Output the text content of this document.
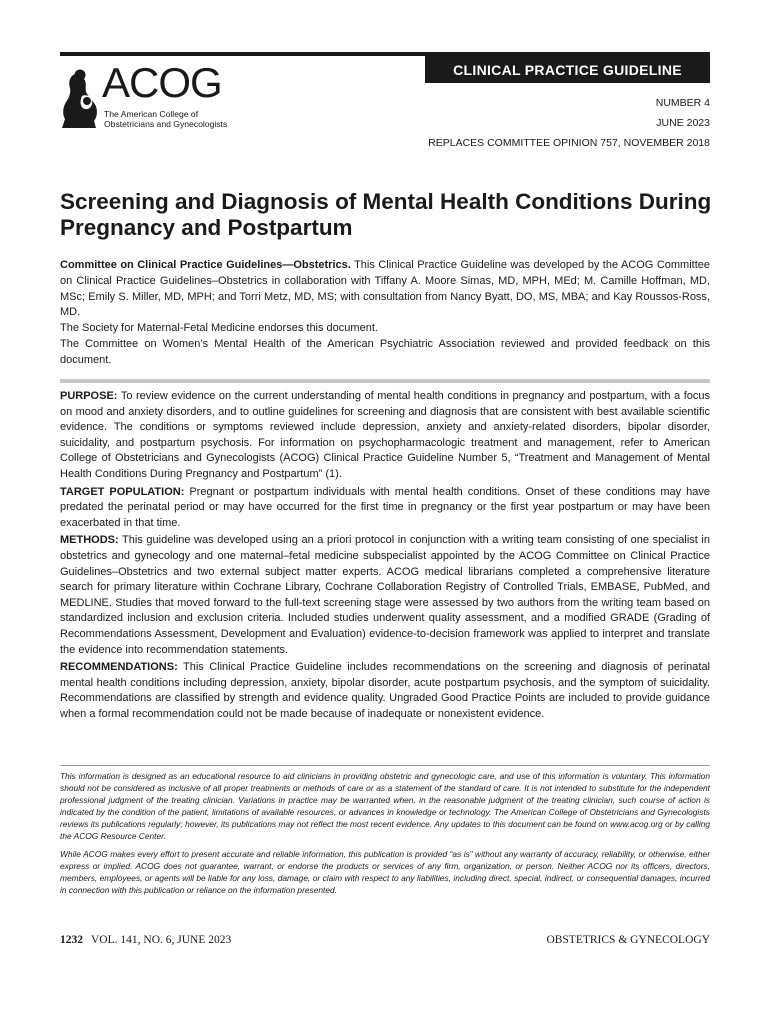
CLINICAL PRACTICE GUIDELINE
ACOG
The American College of
Obstetricians and Gynecologists
NUMBER 4
JUNE 2023
REPLACES COMMITTEE OPINION 757, NOVEMBER 2018
Screening and Diagnosis of Mental Health Conditions During Pregnancy and Postpartum

Committee on Clinical Practice Guidelines—Obstetrics. This Clinical Practice Guideline was developed by the ACOG Committee on Clinical Practice Guidelines–Obstetrics in collaboration with Tiffany A. Moore Simas, MD, MPH, MEd; M. Camille Hoffman, MD, MSc; Emily S. Miller, MD, MPH; and Torri Metz, MD, MS; with consultation from Nancy Byatt, DO, MS, MBA; and Kay Roussos-Ross, MD.

The Society for Maternal-Fetal Medicine endorses this document.

The Committee on Women’s Mental Health of the American Psychiatric Association reviewed and provided feedback on this document.

PURPOSE: To review evidence on the current understanding of mental health conditions in pregnancy and postpartum, with a focus on mood and anxiety disorders, and to outline guidelines for screening and diagnosis that are consistent with best available scientific evidence. The conditions or symptoms reviewed include depression, anxiety and anxiety-related disorders, bipolar disorder, suicidality, and postpartum psychosis. For information on psychopharmacologic treatment and management, refer to American College of Obstetricians and Gynecologists (ACOG) Clinical Practice Guideline Number 5, “Treatment and Management of Mental Health Conditions During Pregnancy and Postpartum” (1).

TARGET POPULATION: Pregnant or postpartum individuals with mental health conditions. Onset of these conditions may have predated the perinatal period or may have occurred for the first time in pregnancy or the first year postpartum or may have been exacerbated in that time.

METHODS: This guideline was developed using an a priori protocol in conjunction with a writing team consisting of one specialist in obstetrics and gynecology and one maternal–fetal medicine subspecialist appointed by the ACOG Committee on Clinical Practice Guidelines–Obstetrics and two external subject matter experts. ACOG medical librarians completed a comprehensive literature search for primary literature within Cochrane Library, Cochrane Collaboration Registry of Controlled Trials, EMBASE, PubMed, and MEDLINE. Studies that moved forward to the full-text screening stage were assessed by two authors from the writing team based on standardized inclusion and exclusion criteria. Included studies underwent quality assessment, and a modified GRADE (Grading of Recommendations Assessment, Development and Evaluation) evidence-to-decision framework was applied to interpret and translate the evidence into recommendation statements.

RECOMMENDATIONS: This Clinical Practice Guideline includes recommendations on the screening and diagnosis of perinatal mental health conditions including depression, anxiety, bipolar disorder, acute postpartum psychosis, and the symptom of suicidality. Recommendations are classified by strength and evidence quality. Ungraded Good Practice Points are included to provide guidance when a formal recommendation could not be made because of inadequate or nonexistent evidence.

This information is designed as an educational resource to aid clinicians in providing obstetric and gynecologic care, and use of this information is voluntary. This information should not be considered as inclusive of all proper treatments or methods of care or as a statement of the standard of care. It is not intended to substitute for the independent professional judgment of the treating clinician. Variations in practice may be warranted when, in the reasonable judgment of the treating clinician, such course of action is indicated by the condition of the patient, limitations of available resources, or advances in knowledge or technology. The American College of Obstetricians and Gynecologists reviews its publications regularly; however, its publications may not reflect the most recent evidence. Any updates to this document can be found on www.acog.org or by calling the ACOG Resource Center.

While ACOG makes every effort to present accurate and reliable information, this publication is provided “as is” without any warranty of accuracy, reliability, or otherwise, either express or implied. ACOG does not guarantee, warrant, or endorse the products or services of any firm, organization, or person. Neither ACOG nor its officers, directors, members, employees, or agents will be liable for any loss, damage, or claim with respect to any liabilities, including direct, special, indirect, or consequential damages, incurred in connection with this publication or reliance on the information presented.

1232 VOL. 141, NO. 6, JUNE 2023	OBSTETRICS & GYNECOLOGY
